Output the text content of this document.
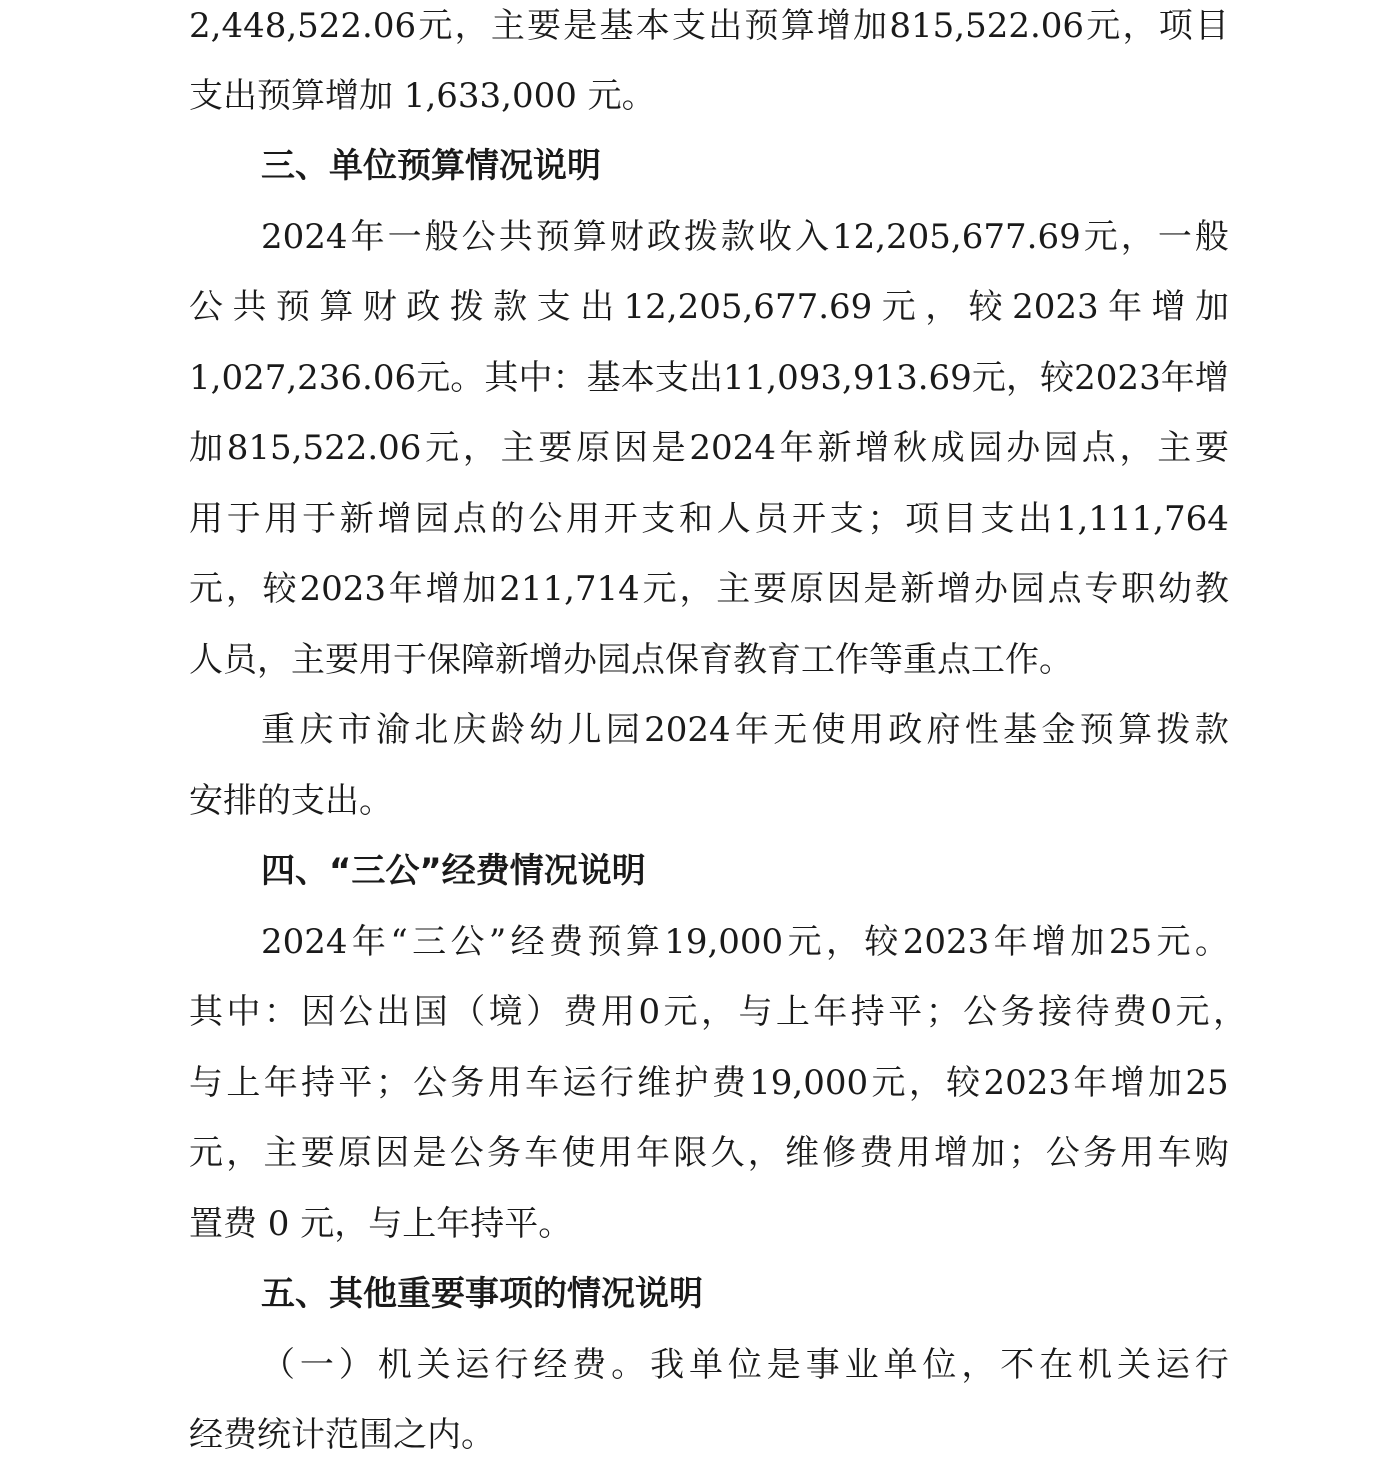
2,448,522.06 元 ， 主 要 是 基 本 支 出 预 算 增 加 815,522.06 元 ， 项 目
支出预算增加 1,633,000 元。
三、单位预算情况说明
2024 年 一 般 公 共 预 算 财 政 拨 款 收 入 12,205,677.69 元 ， 一 般
公 共 预 算 财 政 拨 款 支 出 12,205,677.69 元 ， 较 2023 年 增 加
1,027,236.06 元 。 其 中 ： 基 本 支 出 11,093,913.69 元 ， 较 2023 年 增
加 815,522.06 元 ， 主 要 原 因 是 2024 年 新 增 秋 成 园 办 园 点 ， 主 要
用 于 用 于 新 增 园 点 的 公 用 开 支 和 人 员 开 支 ； 项 目 支 出 1,111,764
元 ， 较 2023 年 增 加 211,714 元 ， 主 要 原 因 是 新 增 办 园 点 专 职 幼 教
人员，主要用于保障新增办园点保育教育工作等重点工作。
重 庆 市 渝 北 庆 龄 幼 儿 园 2024 年 无 使 用 政 府 性 基 金 预 算 拨 款
安排的支出。
四、“三公”经费情况说明
2024 年 “ 三 公 ” 经 费 预 算 19,000 元 ， 较 2023 年 增 加 25 元 。
其 中 ： 因 公 出 国 （ 境 ） 费 用 0 元 ， 与 上 年 持 平 ； 公 务 接 待 费 0 元 ，
与 上 年 持 平 ； 公 务 用 车 运 行 维 护 费 19,000 元 ， 较 2023 年 增 加 25
元 ， 主 要 原 因 是 公 务 车 使 用 年 限 久 ， 维 修 费 用 增 加 ； 公 务 用 车 购
置费 0 元，与上年持平。
五、其他重要事项的情况说明
（ 一 ） 机 关 运 行 经 费 。 我 单 位 是 事 业 单 位 ， 不 在 机 关 运 行
经费统计范围之内。
